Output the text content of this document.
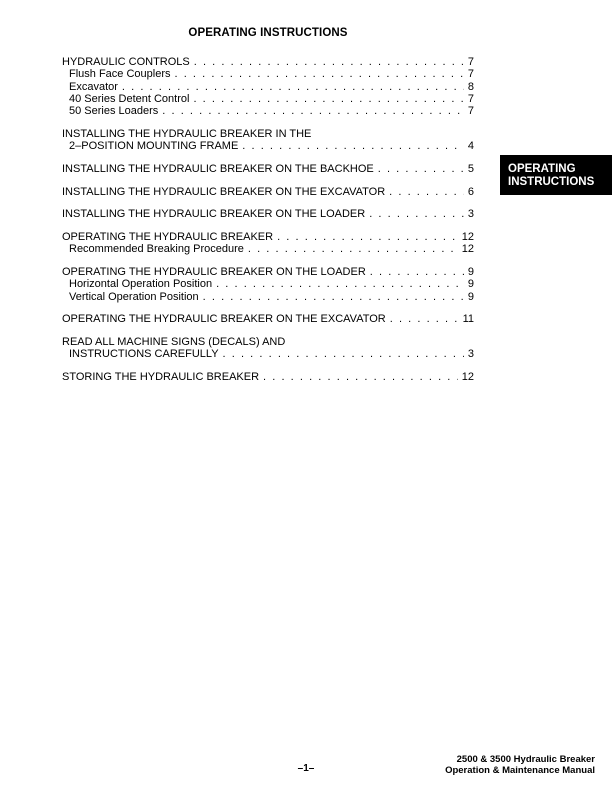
OPERATING INSTRUCTIONS
HYDRAULIC CONTROLS . . .	7
Flush Face Couplers . . .	7
Excavator . . .	8
40 Series Detent Control . . .	7
50 Series Loaders . . .	7
INSTALLING THE HYDRAULIC BREAKER IN THE
2–POSITION MOUNTING FRAME . . .	4
INSTALLING THE HYDRAULIC BREAKER ON THE BACKHOE . . .	5
INSTALLING THE HYDRAULIC BREAKER ON THE EXCAVATOR . . .	6
INSTALLING THE HYDRAULIC BREAKER ON THE LOADER . . .	3
OPERATING THE HYDRAULIC BREAKER . . .	12
Recommended Breaking Procedure . . .	12
OPERATING THE HYDRAULIC BREAKER ON THE LOADER . . .	9
Horizontal Operation Position . . .	9
Vertical Operation Position . . .	9
OPERATING THE HYDRAULIC BREAKER ON THE EXCAVATOR . . .	11
READ ALL MACHINE SIGNS (DECALS) AND
INSTRUCTIONS CAREFULLY . . .	3
STORING THE HYDRAULIC BREAKER . . .	12
OPERATING
INSTRUCTIONS
–1–
2500 & 3500 Hydraulic Breaker
Operation & Maintenance Manual
